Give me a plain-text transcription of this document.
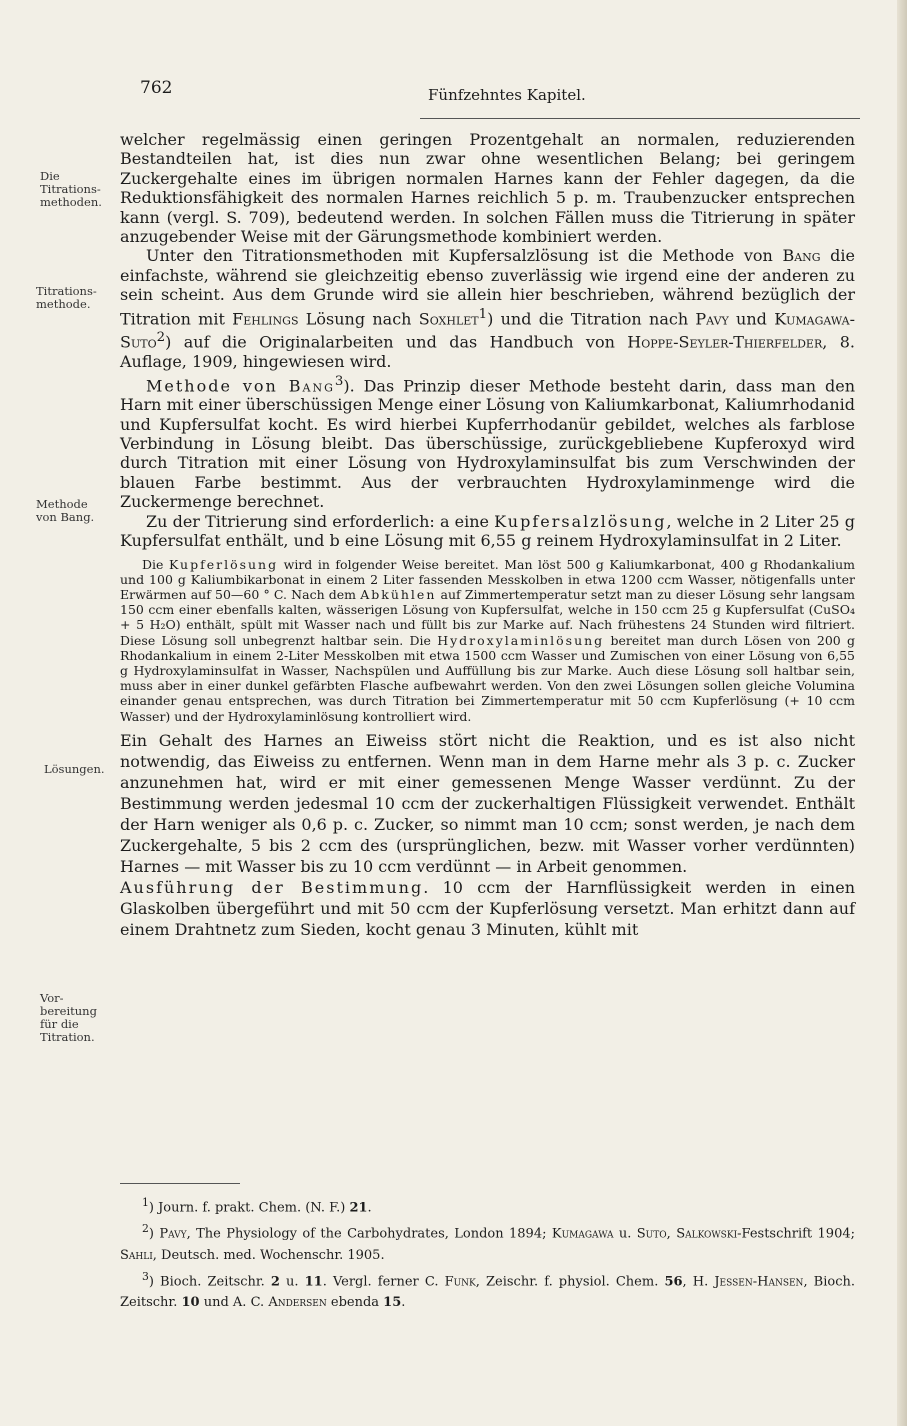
762	Fünfzehntes Kapitel.
Die Titrations-methoden.
Titrations-methode.
Methode von Bang.
Lösungen.
Vor-bereitung für die Titration.

welcher regelmässig einen geringen Prozentgehalt an normalen, reduzierenden Bestandteilen hat, ist dies nun zwar ohne wesentlichen Belang; bei geringem Zuckergehalte eines im übrigen normalen Harnes kann der Fehler dagegen, da die Reduktionsfähigkeit des normalen Harnes reichlich 5 p. m. Traubenzucker entsprechen kann (vergl. S. 709), bedeutend werden. In solchen Fällen muss die Titrierung in später anzugebender Weise mit der Gärungsmethode kombiniert werden.

Unter den Titrationsmethoden mit Kupfersalzlösung ist die Methode von Bang die einfachste, während sie gleichzeitig ebenso zuverlässig wie irgend eine der anderen zu sein scheint. Aus dem Grunde wird sie allein hier beschrieben, während bezüglich der Titration mit Fehlings Lösung nach Soxhlet$^1$) und die Titration nach Pavy und Kumagawa-Suto$^2$) auf die Originalarbeiten und das Handbuch von Hoppe-Seyler-Thierfelder, 8. Auflage, 1909, hingewiesen wird.

Methode von Bang$^3$). Das Prinzip dieser Methode besteht darin, dass man den Harn mit einer überschüssigen Menge einer Lösung von Kaliumkarbonat, Kaliumrhodanid und Kupfersulfat kocht. Es wird hierbei Kupferrhodanür gebildet, welches als farblose Verbindung in Lösung bleibt. Das überschüssige, zurückgebliebene Kupferoxyd wird durch Titration mit einer Lösung von Hydroxylaminsulfat bis zum Verschwinden der blauen Farbe bestimmt. Aus der verbrauchten Hydroxylaminmenge wird die Zuckermenge berechnet.

Zu der Titrierung sind erforderlich: a eine Kupfersalzlösung, welche in 2 Liter 25 g Kupfersulfat enthält, und b eine Lösung mit 6,55 g reinem Hydroxylaminsulfat in 2 Liter.

Die Kupferlösung wird in folgender Weise bereitet. Man löst 500 g Kaliumkarbonat, 400 g Rhodankalium und 100 g Kaliumbikarbonat in einem 2 Liter fassenden Messkolben in etwa 1200 ccm Wasser, nötigenfalls unter Erwärmen auf 50—60 ° C. Nach dem Abkühlen auf Zimmertemperatur setzt man zu dieser Lösung sehr langsam 150 ccm einer ebenfalls kalten, wässerigen Lösung von Kupfersulfat, welche in 150 ccm 25 g Kupfersulfat (CuSO₄ + 5 H₂O) enthält, spült mit Wasser nach und füllt bis zur Marke auf. Nach frühestens 24 Stunden wird filtriert. Diese Lösung soll unbegrenzt haltbar sein. Die Hydroxylaminlösung bereitet man durch Lösen von 200 g Rhodankalium in einem 2-Liter Messkolben mit etwa 1500 ccm Wasser und Zumischen von einer Lösung von 6,55 g Hydroxylaminsulfat in Wasser, Nachspülen und Auffüllung bis zur Marke. Auch diese Lösung soll haltbar sein, muss aber in einer dunkel gefärbten Flasche aufbewahrt werden. Von den zwei Lösungen sollen gleiche Volumina einander genau entsprechen, was durch Titration bei Zimmertemperatur mit 50 ccm Kupferlösung (+ 10 ccm Wasser) und der Hydroxylaminlösung kontrolliert wird.

Ein Gehalt des Harnes an Eiweiss stört nicht die Reaktion, und es ist also nicht notwendig, das Eiweiss zu entfernen. Wenn man in dem Harne mehr als 3 p. c. Zucker anzunehmen hat, wird er mit einer gemessenen Menge Wasser verdünnt. Zu der Bestimmung werden jedesmal 10 ccm der zuckerhaltigen Flüssigkeit verwendet. Enthält der Harn weniger als 0,6 p. c. Zucker, so nimmt man 10 ccm; sonst werden, je nach dem Zuckergehalte, 5 bis 2 ccm des (ursprünglichen, bezw. mit Wasser vorher verdünnten) Harnes — mit Wasser bis zu 10 ccm verdünnt — in Arbeit genommen.

Ausführung der Bestimmung. 10 ccm der Harnflüssigkeit werden in einen Glaskolben übergeführt und mit 50 ccm der Kupferlösung versetzt. Man erhitzt dann auf einem Drahtnetz zum Sieden, kocht genau 3 Minuten, kühlt mit

$^1$) Journ. f. prakt. Chem. (N. F.) 21.

$^2$) Pavy, The Physiology of the Carbohydrates, London 1894; Kumagawa u. Suto, Salkowski-Festschrift 1904; Sahli, Deutsch. med. Wochenschr. 1905.

$^3$) Bioch. Zeitschr. 2 u. 11. Vergl. ferner C. Funk, Zeischr. f. physiol. Chem. 56, H. Jessen-Hansen, Bioch. Zeitschr. 10 und A. C. Andersen ebenda 15.
